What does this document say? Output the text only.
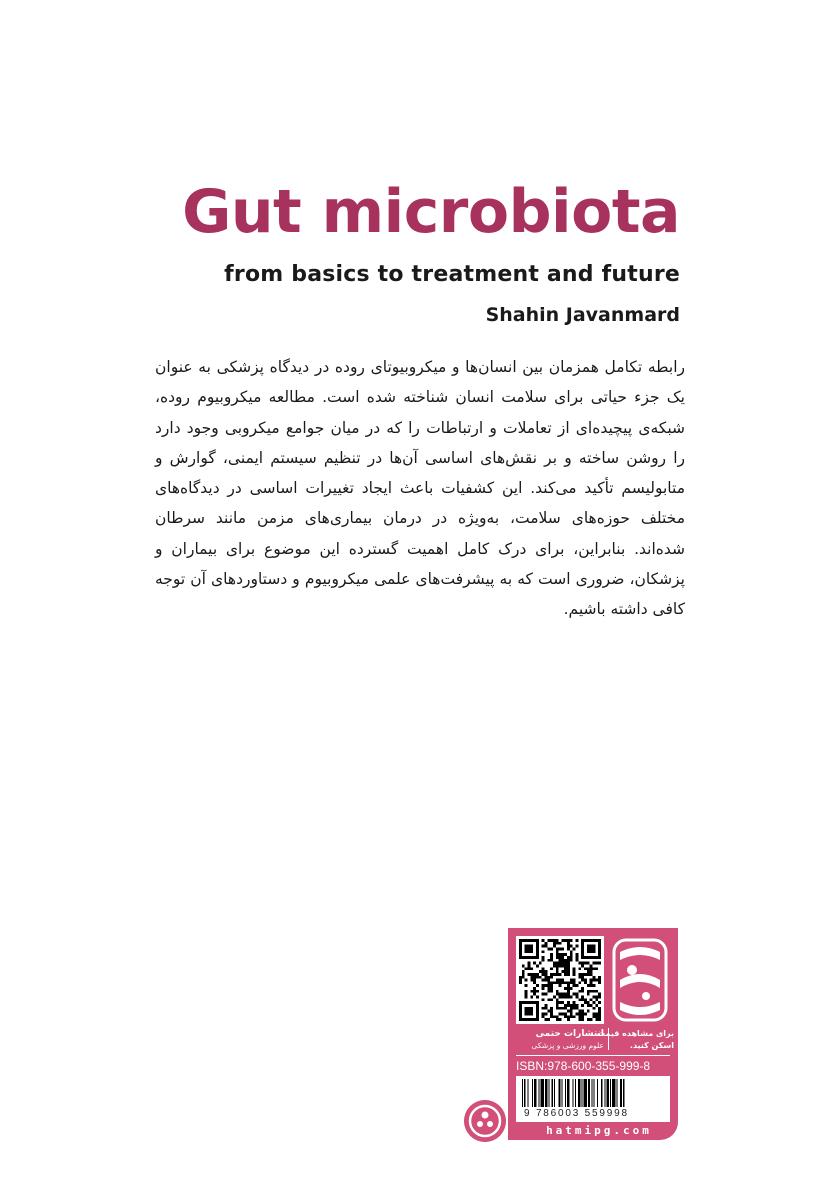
Gut microbiota
from basics to treatment and future
Shahin Javanmard

رابطه تکامل همزمان بین انسان‌ها و میکروبیوتای روده در دیدگاه پزشکی به عنوان یک جزء حیاتی برای سلامت انسان شناخته شده است. مطالعه میکروبیوم روده، شبکه‌ی پیچیده‌ای از تعاملات و ارتباطات را که در میان جوامع میکروبی وجود دارد را روشن ساخته و بر نقش‌های اساسی آن‌ها در تنظیم سیستم ایمنی، گوارش و متابولیسم تأکید می‌کند. این کشفیات باعث ایجاد تغییرات اساسی در دیدگاه‌های مختلف حوزه‌های سلامت، به‌ویژه در درمان بیماری‌های مزمن مانند سرطان شده‌اند. بنابراین، برای درک کامل اهمیت گسترده این موضوع برای بیماران و پزشکان، ضروری است که به پیشرفت‌های علمی میکروبیوم و دستاوردهای آن توجه کافی داشته باشیم.

انتشارات حتمی
علوم ورزشی و پزشکی
برای مشاهده قیمت
اسکن کنید.
ISBN:978-600-355-999-8
9 786003 559998
hatmipg.com
